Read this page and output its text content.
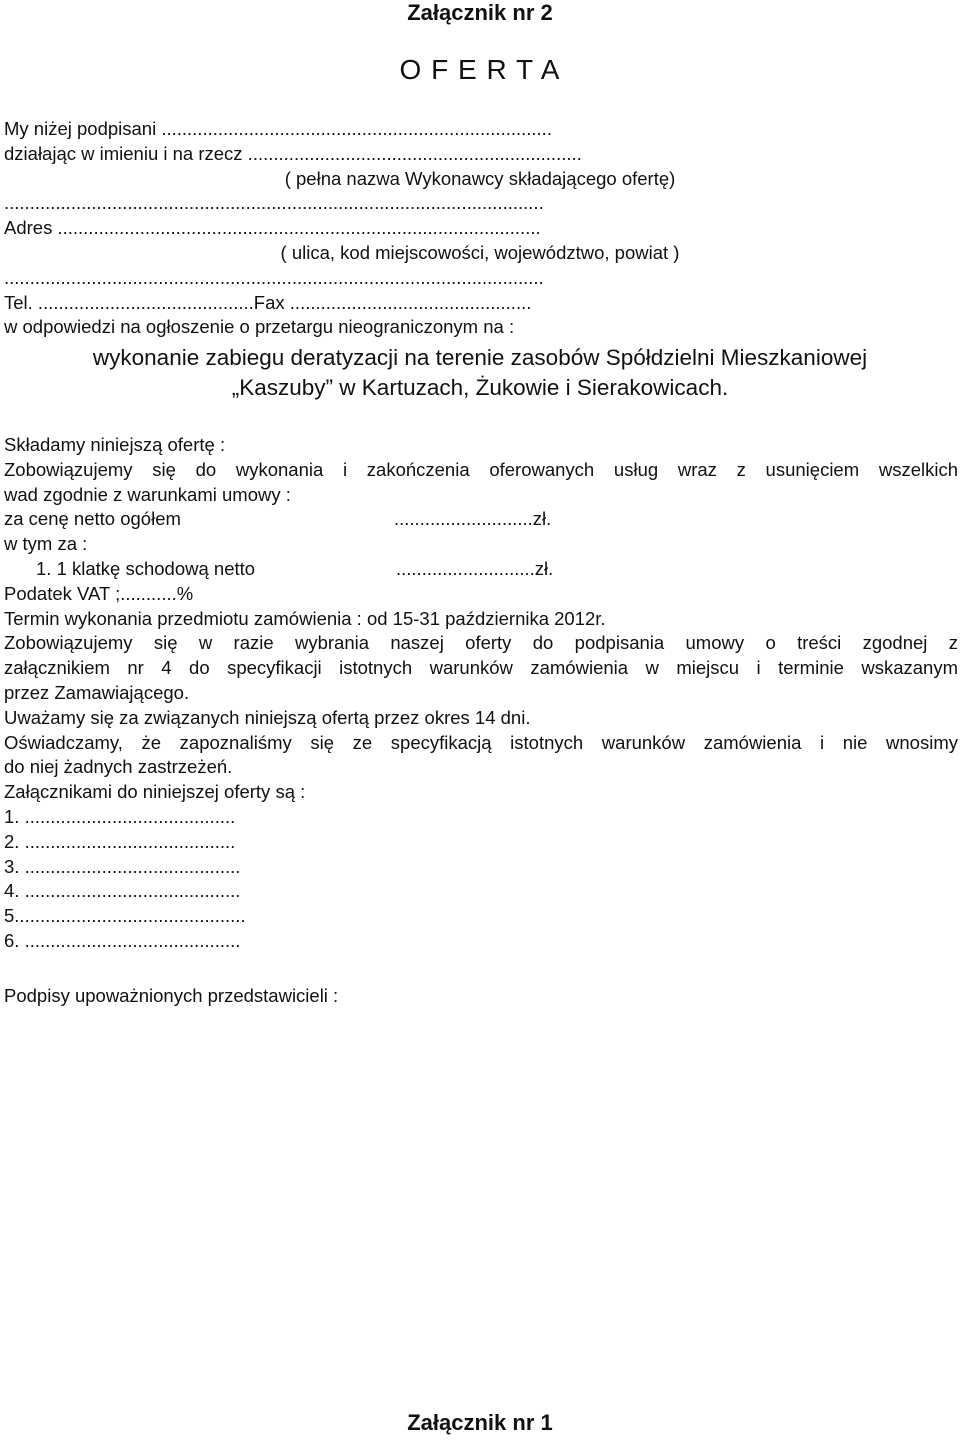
Załącznik nr 2
O F E R T A
My niżej podpisani ............................................................................
działając w imieniu i na rzecz .................................................................
( pełna nazwa Wykonawcy składającego ofertę)
.........................................................................................................
Adres ..............................................................................................
( ulica, kod miejscowości, województwo, powiat )
.........................................................................................................
Tel. ..........................................Fax ...............................................
w odpowiedzi na ogłoszenie o przetargu nieograniczonym na :
wykonanie zabiegu deratyzacji na terenie zasobów Spółdzielni Mieszkaniowej
„Kaszuby” w Kartuzach, Żukowie i Sierakowicach.
Składamy niniejszą ofertę :
Zobowiązujemy się do wykonania i zakończenia oferowanych usług wraz z usunięciem wszelkich
wad zgodnie z warunkami umowy :
za cenę netto ogółem	...........................zł.
w tym za :
1. 1 klatkę schodową netto	...........................zł.
Podatek VAT ;...........%
Termin wykonania przedmiotu zamówienia : od 15-31 października 2012r.
Zobowiązujemy się w razie wybrania naszej oferty do podpisania umowy o treści zgodnej z
załącznikiem nr 4 do specyfikacji istotnych warunków zamówienia w miejscu i terminie wskazanym
przez Zamawiającego.
Uważamy się za związanych niniejszą ofertą przez okres 14 dni.
Oświadczamy, że zapoznaliśmy się ze specyfikacją istotnych warunków zamówienia i nie wnosimy
do niej żadnych zastrzeżeń.
Załącznikami do niniejszej oferty są :
1. .........................................
2. .........................................
3. ..........................................
4. ..........................................
5.............................................
6. ..........................................
Podpisy upoważnionych przedstawicieli :
Załącznik nr 1
